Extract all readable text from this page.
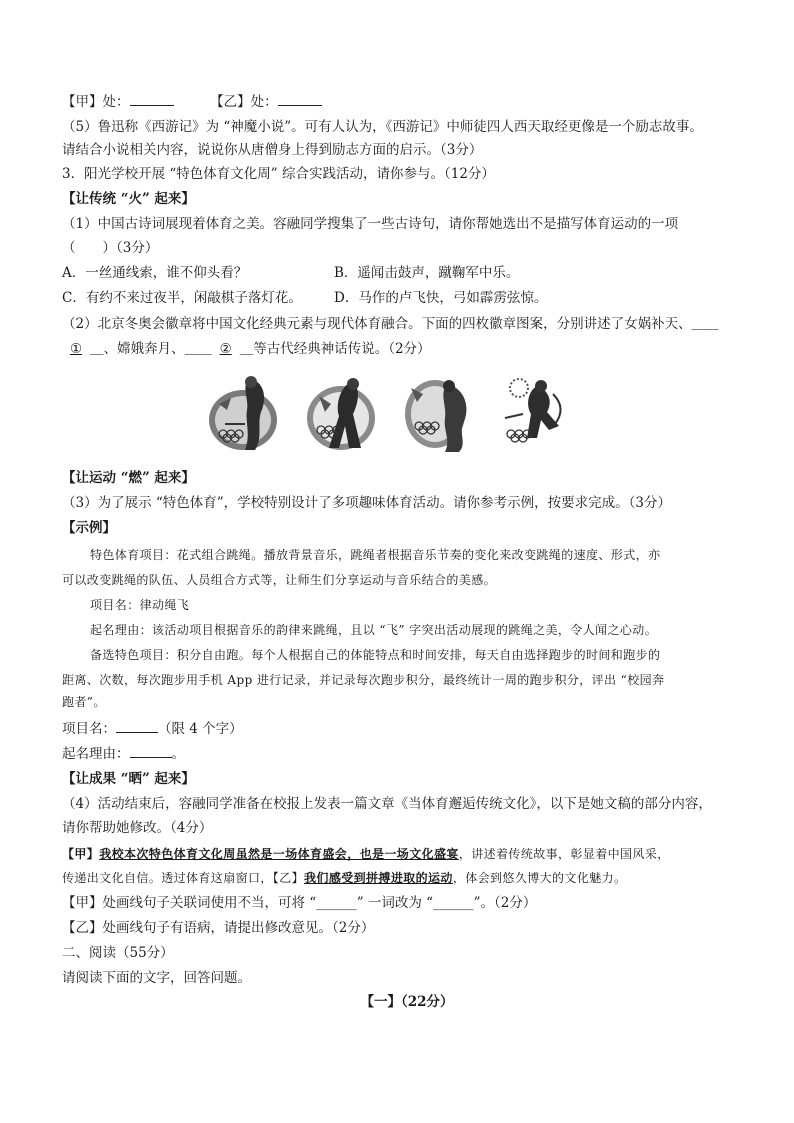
【甲】处：	【乙】处：
（5）鲁迅称《西游记》为 “神魔小说”。可有人认为，《西游记》中师徒四人西天取经更像是一个励志故事。
请结合小说相关内容，说说你从唐僧身上得到励志方面的启示。（3分）
3．阳光学校开展 “特色体育文化周” 综合实践活动，请你参与。（12分）
【让传统 “火” 起来】
（1）中国古诗词展现着体育之美。容融同学搜集了一些古诗句，请你帮她选出不是描写体育运动的一项
（　　）（3分）
A．一丝通线索，谁不仰头看？	B．遥闻击鼓声，蹴鞠军中乐。
C．有约不来过夜半，闲敲棋子落灯花。 D．马作的卢飞快，弓如霹雳弦惊。
（2）北京冬奥会徽章将中国文化经典元素与现代体育融合。下面的四枚徽章图案，分别讲述了女娲补天、＿＿
① ＿、嫦娥奔月、＿＿ ② ＿等古代经典神话传说。（2分）
【让运动 “燃” 起来】
（3）为了展示 “特色体育”，学校特别设计了多项趣味体育活动。请你参考示例，按要求完成。（3分）
【示例】
特色体育项目：花式组合跳绳。播放背景音乐，跳绳者根据音乐节奏的变化来改变跳绳的速度、形式，亦
可以改变跳绳的队伍、人员组合方式等，让师生们分享运动与音乐结合的美感。
项目名：律动绳飞
起名理由：该活动项目根据音乐的韵律来跳绳，且以 “飞” 字突出活动展现的跳绳之美，令人闻之心动。
备选特色项目：积分自由跑。每个人根据自己的体能特点和时间安排，每天自由选择跑步的时间和跑步的
距离、次数，每次跑步用手机 App 进行记录，并记录每次跑步积分，最终统计一周的跑步积分，评出 “校园奔
跑者”。
项目名：	（限 4 个字）
起名理由：	。
【让成果 “晒” 起来】
（4）活动结束后，容融同学准备在校报上发表一篇文章《当体育邂逅传统文化》，以下是她文稿的部分内容，
请你帮助她修改。（4分）
【甲】我校本次特色体育文化周虽然是一场体育盛会，也是一场文化盛宴，讲述着传统故事，彰显着中国风采，
传递出文化自信。透过体育这扇窗口，【乙】我们感受到拼搏进取的运动，体会到悠久博大的文化魅力。
【甲】处画线句子关联词使用不当，可将 “______” 一词改为 “______”。（2分）
【乙】处画线句子有语病，请提出修改意见。（2分）
二、阅读（55分）
请阅读下面的文字，回答问题。
【一】（22分）
